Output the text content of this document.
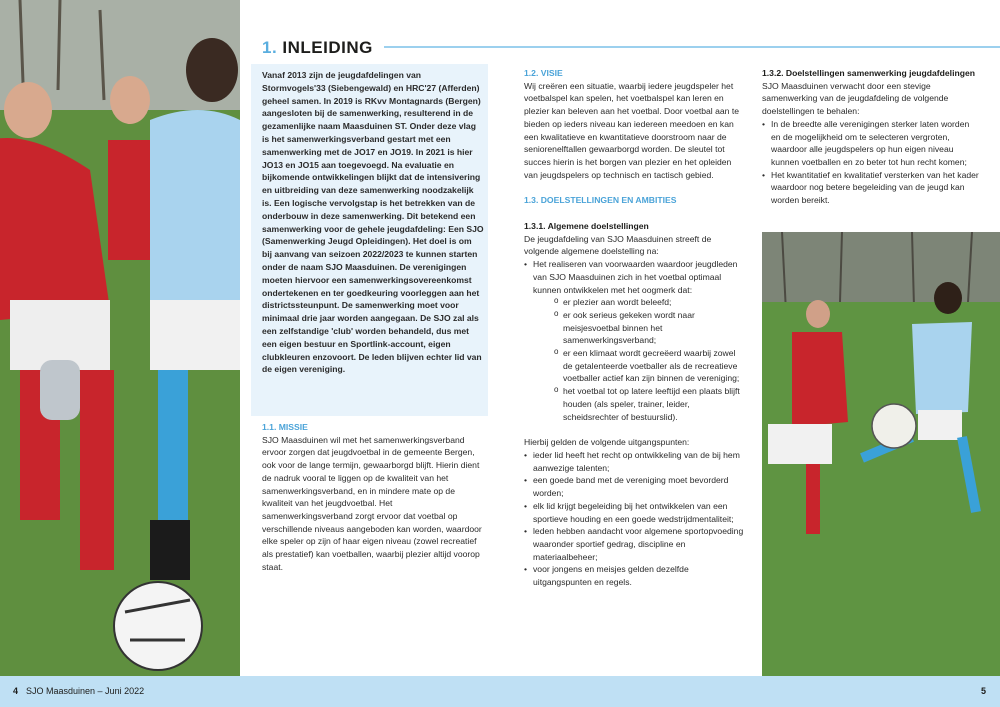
1. INLEIDING
Vanaf 2013 zijn de jeugdafdelingen van Stormvogels'33 (Siebengewald) en HRC'27 (Afferden) geheel samen. In 2019 is RKvv Montagnards (Bergen) aangesloten bij de samenwerking, resulterend in de gezamenlijke naam Maasduinen ST. Onder deze vlag is het samenwerkingsverband gestart met een samenwerking met de JO17 en JO19. In 2021 is hier JO13 en JO15 aan toegevoegd. Na evaluatie en bijkomende ontwikkelingen blijkt dat de intensivering en uitbreiding van deze samenwerking noodzakelijk is. Een logische vervolgstap is het betrekken van de onderbouw in deze samenwerking. Dit betekend een samenwerking voor de gehele jeugdafdeling: Een SJO (Samenwerking Jeugd Opleidingen). Het doel is om bij aanvang van seizoen 2022/2023 te kunnen starten onder de naam SJO Maasduinen. De verenigingen moeten hiervoor een samenwerkingsovereenkomst ondertekenen en ter goedkeuring voorleggen aan het districtssteunpunt. De samenwerking moet voor minimaal drie jaar worden aangegaan. De SJO zal als een zelfstandige 'club' worden behandeld, dus met een eigen bestuur en Sportlink-account, eigen clubkleuren enzovoort. De leden blijven echter lid van de eigen vereniging.

1.1. MISSIE

SJO Maasduinen wil met het samenwerkingsverband ervoor zorgen dat jeugdvoetbal in de gemeente Bergen, ook voor de lange termijn, gewaarborgd blijft. Hierin dient de nadruk vooral te liggen op de kwaliteit van het samenwerkingsverband, en in mindere mate op de kwaliteit van het jeugdvoetbal. Het samenwerkingsverband zorgt ervoor dat voetbal op verschillende niveaus aangeboden kan worden, waardoor elke speler op zijn of haar eigen niveau (zowel recreatief als prestatief) kan voetballen, waarbij plezier altijd voorop staat.

1.2. VISIE

Wij creëren een situatie, waarbij iedere jeugdspeler het voetbalspel kan spelen, het voetbalspel kan leren en plezier kan beleven aan het voetbal. Door voetbal aan te bieden op ieders niveau kan iedereen meedoen en kan een kwalitatieve en kwantitatieve doorstroom naar de seniorenelftallen gewaarborgd worden. De sleutel tot succes hierin is het borgen van plezier en het opleiden van jeugdspelers op technisch en tactisch gebied.

1.3. DOELSTELLINGEN EN AMBITIES

1.3.1. Algemene doelstellingen

De jeugdafdeling van SJO Maasduinen streeft de volgende algemene doelstelling na:

• Het realiseren van voorwaarden waardoor jeugdleden van SJO Maasduinen zich in het voetbal optimaal kunnen ontwikkelen met het oogmerk dat:
o er plezier aan wordt beleefd;
o er ook serieus gekeken wordt naar meisjesvoetbal binnen het samenwerkingsverband;
o er een klimaat wordt gecreëerd waarbij zowel de getalenteerde voetballer als de recreatieve voetballer actief kan zijn binnen de vereniging;
o het voetbal tot op latere leeftijd een plaats blijft houden (als speler, trainer, leider, scheidsrechter of bestuurslid).

Hierbij gelden de volgende uitgangspunten:

• ieder lid heeft het recht op ontwikkeling van de bij hem aanwezige talenten;
• een goede band met de vereniging moet bevorderd worden;
• elk lid krijgt begeleiding bij het ontwikkelen van een sportieve houding en een goede wedstrijdmentaliteit;
• leden hebben aandacht voor algemene sportopvoeding waaronder sportief gedrag, discipline en materiaalbeheer;
• voor jongens en meisjes gelden dezelfde uitgangspunten en regels.

1.3.2. Doelstellingen samenwerking jeugdafdelingen

SJO Maasduinen verwacht door een stevige samenwerking van de jeugdafdeling de volgende doelstellingen te behalen:

• In de breedte alle verenigingen sterker laten worden en de mogelijkheid om te selecteren vergroten, waardoor alle jeugdspelers op hun eigen niveau kunnen voetballen en zo beter tot hun recht komen;
• Het kwantitatief en kwalitatief versterken van het kader waardoor nog betere begeleiding van de jeugd kan worden bereikt.
4 SJO Maasduinen – Juni 2022	5
